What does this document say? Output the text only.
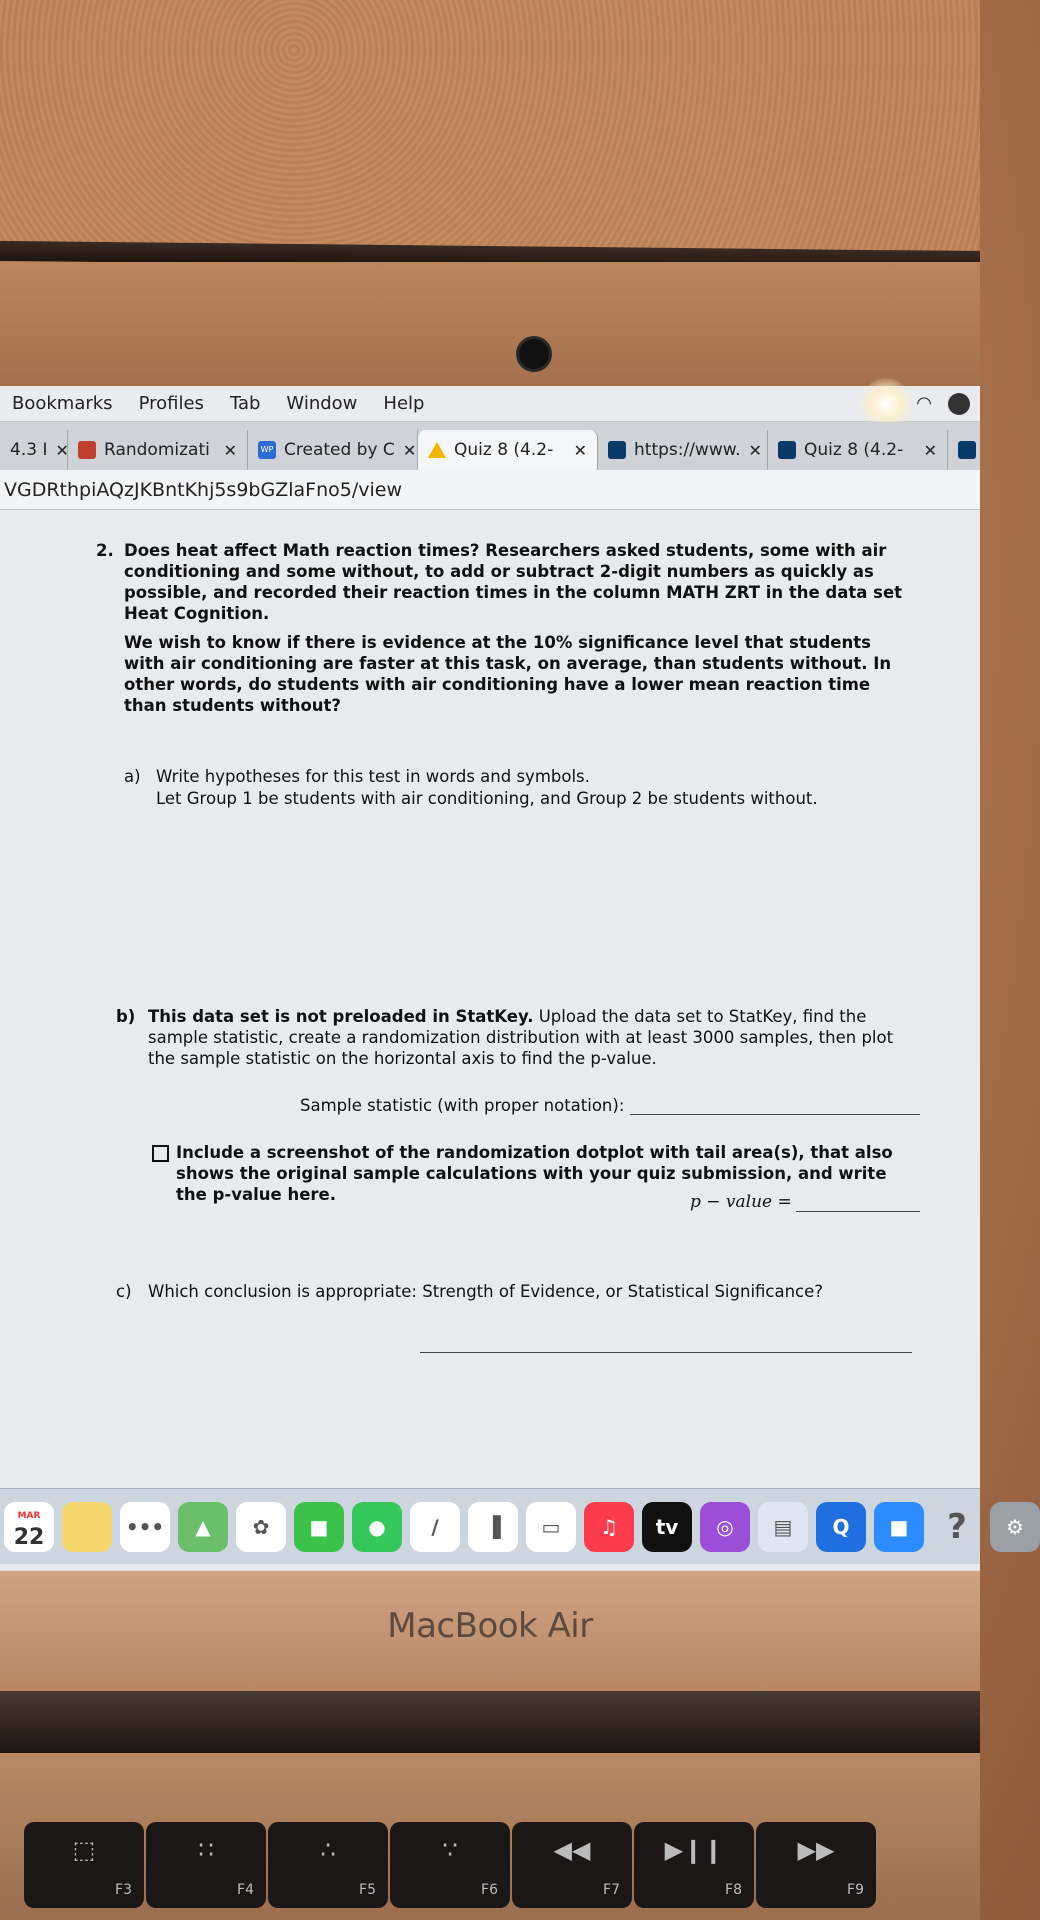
Bookmarks Profiles Tab Window Help	◠
4.3 I ✕ Randomizati ✕	WP Created by C ✕ Quiz 8 (4.2- ✕	https://www. ✕ Quiz 8 (4.2- ✕
VGDRthpiAQzJKBntKhj5s9bGZlaFno5/view
2. Does heat affect Math reaction times? Researchers asked students, some with air conditioning and some without, to add or subtract 2-digit numbers as quickly as possible, and recorded their reaction times in the column MATH ZRT in the data set Heat Cognition.
We wish to know if there is evidence at the 10% significance level that students with air conditioning are faster at this task, on average, than students without. In other words, do students with air conditioning have a lower mean reaction time than students without?
a) Write hypotheses for this test in words and symbols.
Let Group 1 be students with air conditioning, and Group 2 be students without.
b) This data set is not preloaded in StatKey. Upload the data set to StatKey, find the sample statistic, create a randomization distribution with at least 3000 samples, then plot the sample statistic on the horizontal axis to find the p-value.
Sample statistic (with proper notation):
Include a screenshot of the randomization dotplot with tail area(s), that also shows the original sample calculations with your quiz submission, and write the p-value here.	p − value =
c) Which conclusion is appropriate: Strength of Evidence, or Statistical Significance?
MAR
22	•••	▲	✿	■	●	∕	▐	▭	♫	tv	◎	▤	Q	■	?	⚙
MacBook Air
⬚
F3
∷
F4
∴
F5
∵
F6
◀◀
F7
▶❙❙
F8
▶▶
F9
